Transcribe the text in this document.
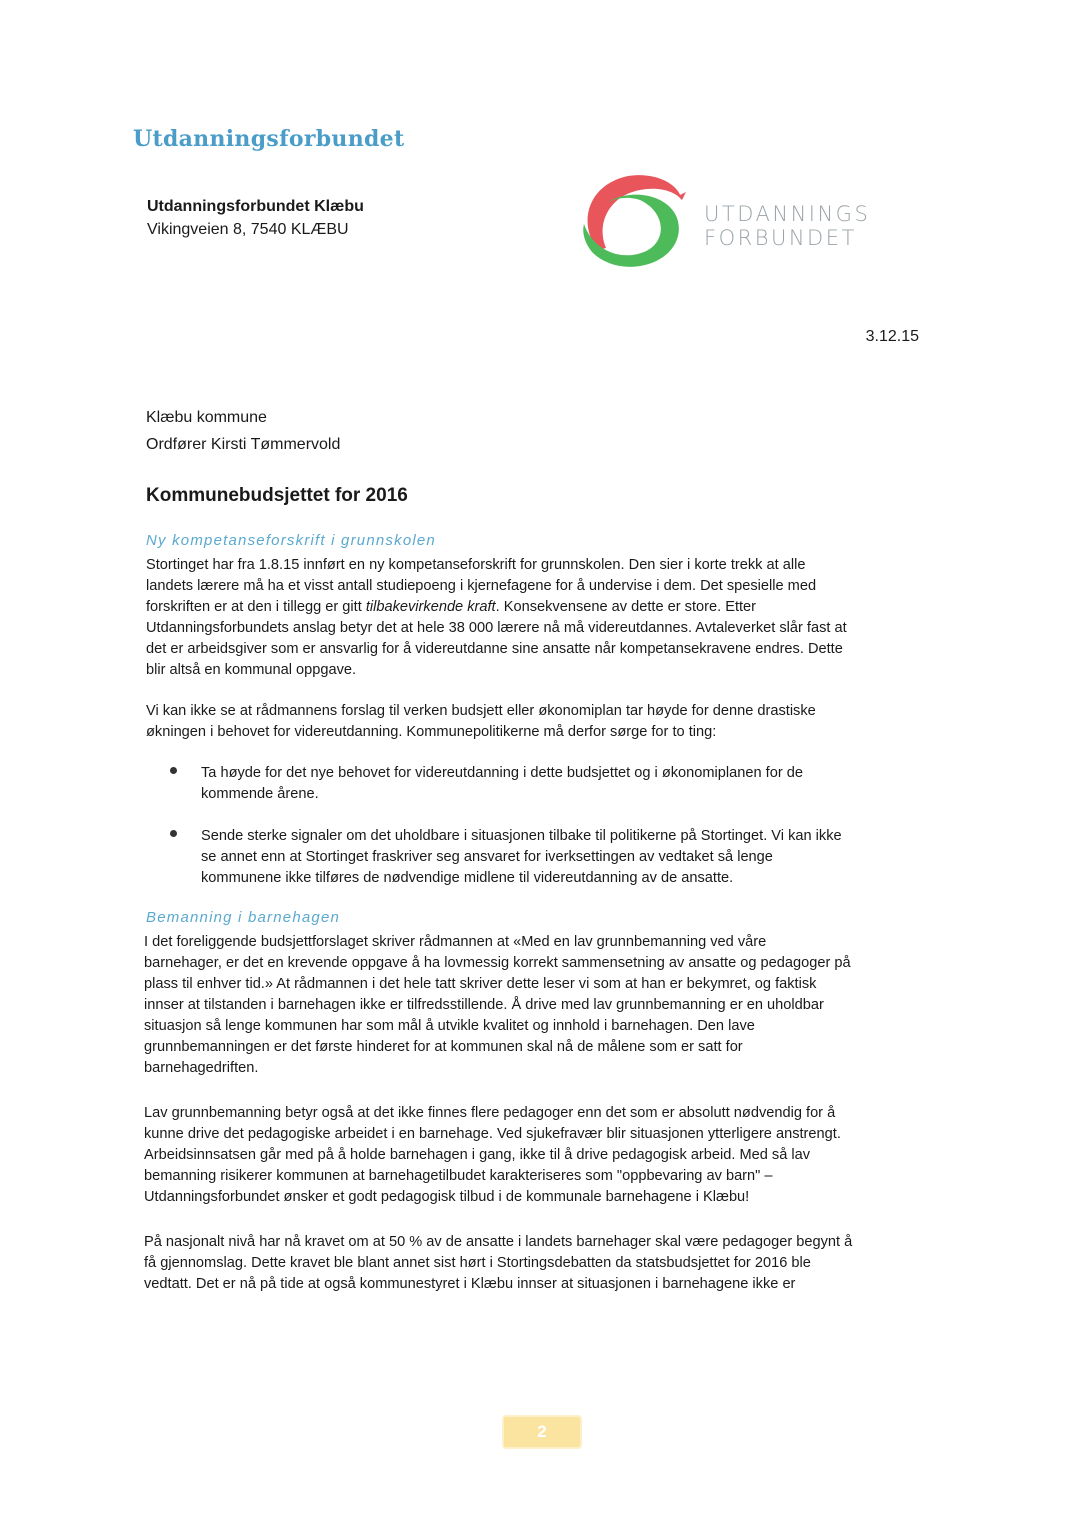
Utdanningsforbundet
Utdanningsforbundet Klæbu
Vikingveien 8, 7540 KLÆBU
UTDANNINGS
FORBUNDET
3.12.15
Klæbu kommune
Ordfører Kirsti Tømmervold
Kommunebudsjettet for 2016
Ny kompetanseforskrift i grunnskolen
Stortinget har fra 1.8.15 innført en ny kompetanseforskrift for grunnskolen. Den sier i korte trekk at alle
landets lærere må ha et visst antall studiepoeng i kjernefagene for å undervise i dem. Det spesielle med
forskriften er at den i tillegg er gitt tilbakevirkende kraft. Konsekvensene av dette er store. Etter
Utdanningsforbundets anslag betyr det at hele 38 000 lærere nå må videreutdannes. Avtaleverket slår fast at
det er arbeidsgiver som er ansvarlig for å videreutdanne sine ansatte når kompetansekravene endres. Dette
blir altså en kommunal oppgave.
Vi kan ikke se at rådmannens forslag til verken budsjett eller økonomiplan tar høyde for denne drastiske
økningen i behovet for videreutdanning. Kommunepolitikerne må derfor sørge for to ting:
Ta høyde for det nye behovet for videreutdanning i dette budsjettet og i økonomiplanen for de
kommende årene.
Sende sterke signaler om det uholdbare i situasjonen tilbake til politikerne på Stortinget. Vi kan ikke
se annet enn at Stortinget fraskriver seg ansvaret for iverksettingen av vedtaket så lenge
kommunene ikke tilføres de nødvendige midlene til videreutdanning av de ansatte.
Bemanning i barnehagen
I det foreliggende budsjettforslaget skriver rådmannen at «Med en lav grunnbemanning ved våre
barnehager, er det en krevende oppgave å ha lovmessig korrekt sammensetning av ansatte og pedagoger på
plass til enhver tid.» At rådmannen i det hele tatt skriver dette leser vi som at han er bekymret, og faktisk
innser at tilstanden i barnehagen ikke er tilfredsstillende. Å drive med lav grunnbemanning er en uholdbar
situasjon så lenge kommunen har som mål å utvikle kvalitet og innhold i barnehagen. Den lave
grunnbemanningen er det første hinderet for at kommunen skal nå de målene som er satt for
barnehagedriften.
Lav grunnbemanning betyr også at det ikke finnes flere pedagoger enn det som er absolutt nødvendig for å
kunne drive det pedagogiske arbeidet i en barnehage. Ved sjukefravær blir situasjonen ytterligere anstrengt.
Arbeidsinnsatsen går med på å holde barnehagen i gang, ikke til å drive pedagogisk arbeid. Med så lav
bemanning risikerer kommunen at barnehagetilbudet karakteriseres som "oppbevaring av barn" –
Utdanningsforbundet ønsker et godt pedagogisk tilbud i de kommunale barnehagene i Klæbu!
På nasjonalt nivå har nå kravet om at 50 % av de ansatte i landets barnehager skal være pedagoger begynt å
få gjennomslag. Dette kravet ble blant annet sist hørt i Stortingsdebatten da statsbudsjettet for 2016 ble
vedtatt. Det er nå på tide at også kommunestyret i Klæbu innser at situasjonen i barnehagene ikke er
2
